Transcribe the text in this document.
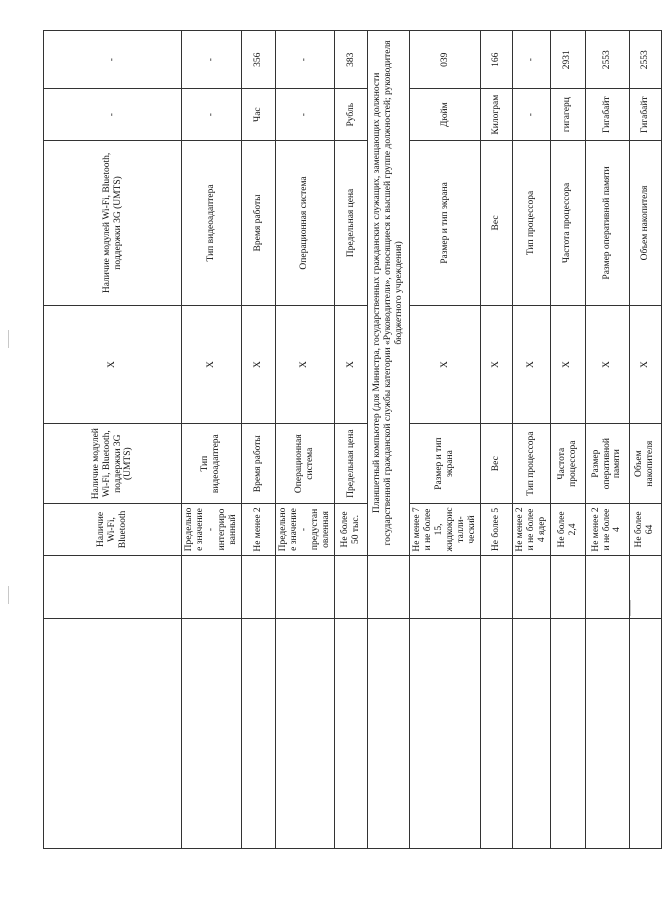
		Наличие Wi-Fi, Bluetooth	Наличие модулей Wi-Fi, Bluetooth, поддержки 3G (UMTS)	X	Наличие модулей Wi-Fi, Bluetooth, поддержки 3G (UMTS)	-	-
		Предельное значение - интегрированный	Тип видеоадаптера	X	Тип видеоадаптера	-	-
		Не менее 2	Время работы	X	Время работы	Час	356
		Предельное значение - предустановленная	Операционная система	X	Операционная система	-	-
		Не более 50 тыс.	Предельная цена	X	Предельная цена	Рубль	383
		Планшетный компьютер (для Министра, государственных гражданских служащих, замещающих должности государственной гражданской службы категории «Руководители», относящиеся к высшей группе должностей; руководителя бюджетного учреждения)					
		Не менее 7 и не более 15, жидкокристалли-ческий	Размер и тип экрана	X	Размер и тип экрана	Дюйм	039
		Не более 5	Вес	X	Вес	Килограм	166
		Не менее 2 и не более 4 ядер	Тип процессора	X	Тип процессора	-	-
		Не более 2,4	Частота процессора	X	Частота процессора	гигагерц	2931
		Не менее 2 и не более 4	Размер оперативной памяти	X	Размер оперативной памяти	Гигабайт	2553
		Не более 64	Объем накопителя	X	Объем накопителя	Гигабайт	2553
